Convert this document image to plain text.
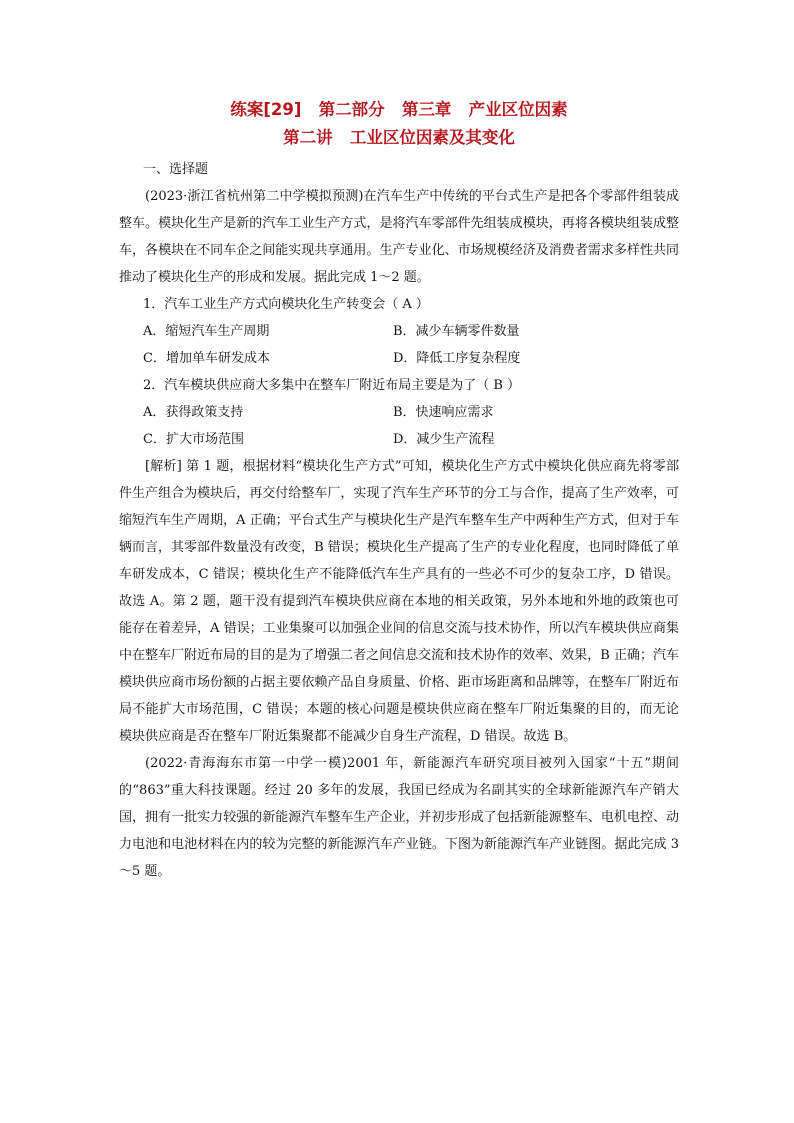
练案[29]   第二部分   第三章   产业区位因素
第二讲   工业区位因素及其变化
一、选择题

(2023·浙江省杭州第二中学模拟预测)在汽车生产中传统的平台式生产是把各个零部件组装成整车。模块化生产是新的汽车工业生产方式，是将汽车零部件先组装成模块，再将各模块组装成整车，各模块在不同车企之间能实现共享通用。生产专业化、市场规模经济及消费者需求多样性共同推动了模块化生产的形成和发展。据此完成 1～2 题。

1．汽车工业生产方式向模块化生产转变会（ A ）
A．缩短汽车生产周期	B．减少车辆零件数量
C．增加单车研发成本	D．降低工序复杂程度
2．汽车模块供应商大多集中在整车厂附近布局主要是为了（ B ）
A．获得政策支持	B．快速响应需求
C．扩大市场范围	D．减少生产流程

[解析] 第 1 题，根据材料“模块化生产方式”可知，模块化生产方式中模块化供应商先将零部件生产组合为模块后，再交付给整车厂，实现了汽车生产环节的分工与合作，提高了生产效率，可缩短汽车生产周期，A 正确；平台式生产与模块化生产是汽车整车生产中两种生产方式，但对于车辆而言，其零部件数量没有改变，B 错误；模块化生产提高了生产的专业化程度，也同时降低了单车研发成本，C 错误；模块化生产不能降低汽车生产具有的一些必不可少的复杂工序，D 错误。故选 A。第 2 题，题干没有提到汽车模块供应商在本地的相关政策，另外本地和外地的政策也可能存在着差异，A 错误；工业集聚可以加强企业间的信息交流与技术协作，所以汽车模块供应商集中在整车厂附近布局的目的是为了增强二者之间信息交流和技术协作的效率、效果，B 正确；汽车模块供应商市场份额的占据主要依赖产品自身质量、价格、距市场距离和品牌等，在整车厂附近布局不能扩大市场范围，C 错误；本题的核心问题是模块供应商在整车厂附近集聚的目的，而无论模块供应商是否在整车厂附近集聚都不能减少自身生产流程，D 错误。故选 B。

(2022·青海海东市第一中学一模)2001 年，新能源汽车研究项目被列入国家“十五”期间的“863”重大科技课题。经过 20 多年的发展，我国已经成为名副其实的全球新能源汽车产销大国，拥有一批实力较强的新能源汽车整车生产企业，并初步形成了包括新能源整车、电机电控、动力电池和电池材料在内的较为完整的新能源汽车产业链。下图为新能源汽车产业链图。据此完成 3～5 题。
